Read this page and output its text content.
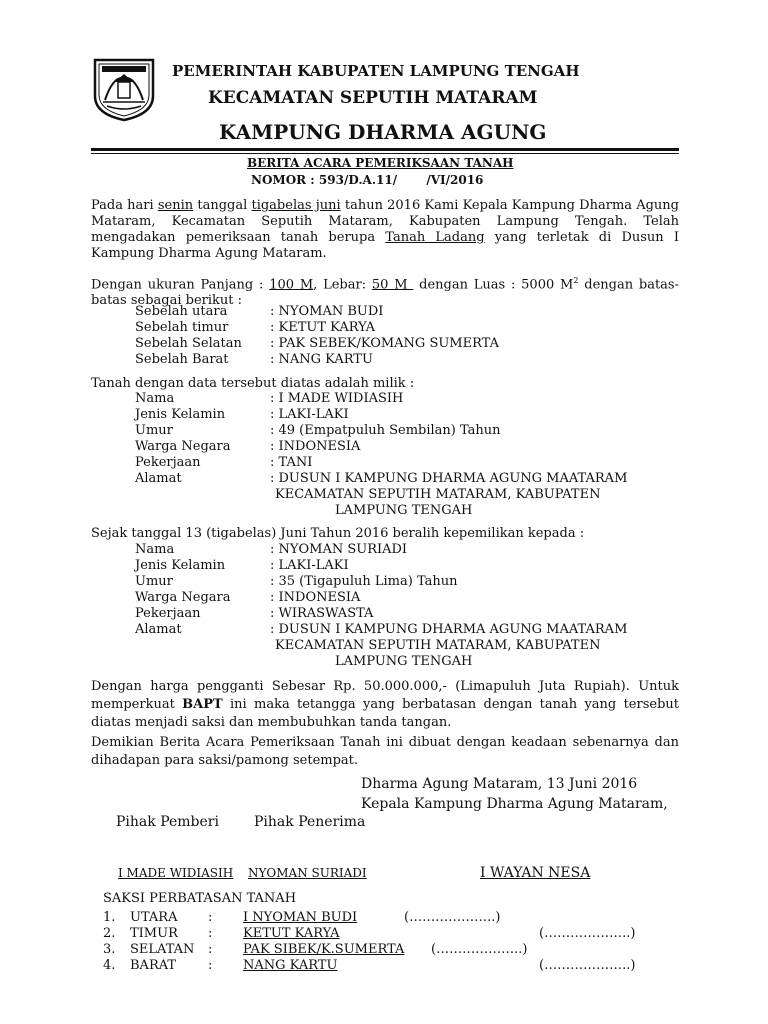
PEMERINTAH KABUPATEN LAMPUNG TENGAH
KECAMATAN SEPUTIH MATARAM
KAMPUNG DHARMA AGUNG
BERITA ACARA PEMERIKSAAN TANAH
NOMOR : 593/D.A.11/       /VI/2016
Pada hari senin tanggal tigabelas juni tahun 2016 Kami Kepala Kampung Dharma Agung Mataram, Kecamatan Seputih Mataram, Kabupaten Lampung Tengah. Telah mengadakan pemeriksaan tanah berupa Tanah Ladang yang terletak di Dusun I Kampung Dharma Agung Mataram.
Dengan ukuran Panjang : 100 M, Lebar: 50 M  dengan Luas : 5000 $M^2$ dengan batas-batas sebagai berikut :
Sebelah utara	: NYOMAN BUDI
Sebelah timur	: KETUT KARYA
Sebelah Selatan : PAK SEBEK/KOMANG SUMERTA
Sebelah Barat	: NANG KARTU
Tanah dengan data tersebut diatas adalah milik :
Nama	: I MADE WIDIASIH
Jenis Kelamin	: LAKI-LAKI
Umur	: 49 (Empatpuluh Sembilan) Tahun
Warga Negara	: INDONESIA
Pekerjaan	: TANI
Alamat	: DUSUN I KAMPUNG DHARMA AGUNG MAATARAM
KECAMATAN SEPUTIH MATARAM, KABUPATEN
LAMPUNG TENGAH
Sejak tanggal 13 (tigabelas) Juni Tahun 2016 beralih kepemilikan kepada :
Nama	: NYOMAN SURIADI
Jenis Kelamin	: LAKI-LAKI
Umur	: 35 (Tigapuluh Lima) Tahun
Warga Negara	: INDONESIA
Pekerjaan	: WIRASWASTA
Alamat	: DUSUN I KAMPUNG DHARMA AGUNG MAATARAM
KECAMATAN SEPUTIH MATARAM, KABUPATEN
LAMPUNG TENGAH
Dengan harga pengganti Sebesar Rp. 50.000.000,- (Limapuluh Juta Rupiah). Untuk memperkuat BAPT ini maka tetangga yang berbatasan dengan tanah yang tersebut diatas menjadi saksi dan membubuhkan tanda tangan.
Demikian Berita Acara Pemeriksaan Tanah ini dibuat dengan keadaan sebenarnya dan dihadapan para saksi/pamong setempat.
Dharma Agung Mataram, 13 Juni 2016
Kepala Kampung Dharma Agung Mataram,
Pihak Pemberi	Pihak Penerima
I MADE WIDIASIH NYOMAN SURIADI	I WAYAN NESA
SAKSI PERBATASAN TANAH
1. UTARA : I NYOMAN BUDI	(………………..)
2. TIMUR : KETUT KARYA	(………………..)
3. SELATAN : PAK SIBEK/K.SUMERTA (………………..)
4. BARAT : NANG KARTU	(………………..)
